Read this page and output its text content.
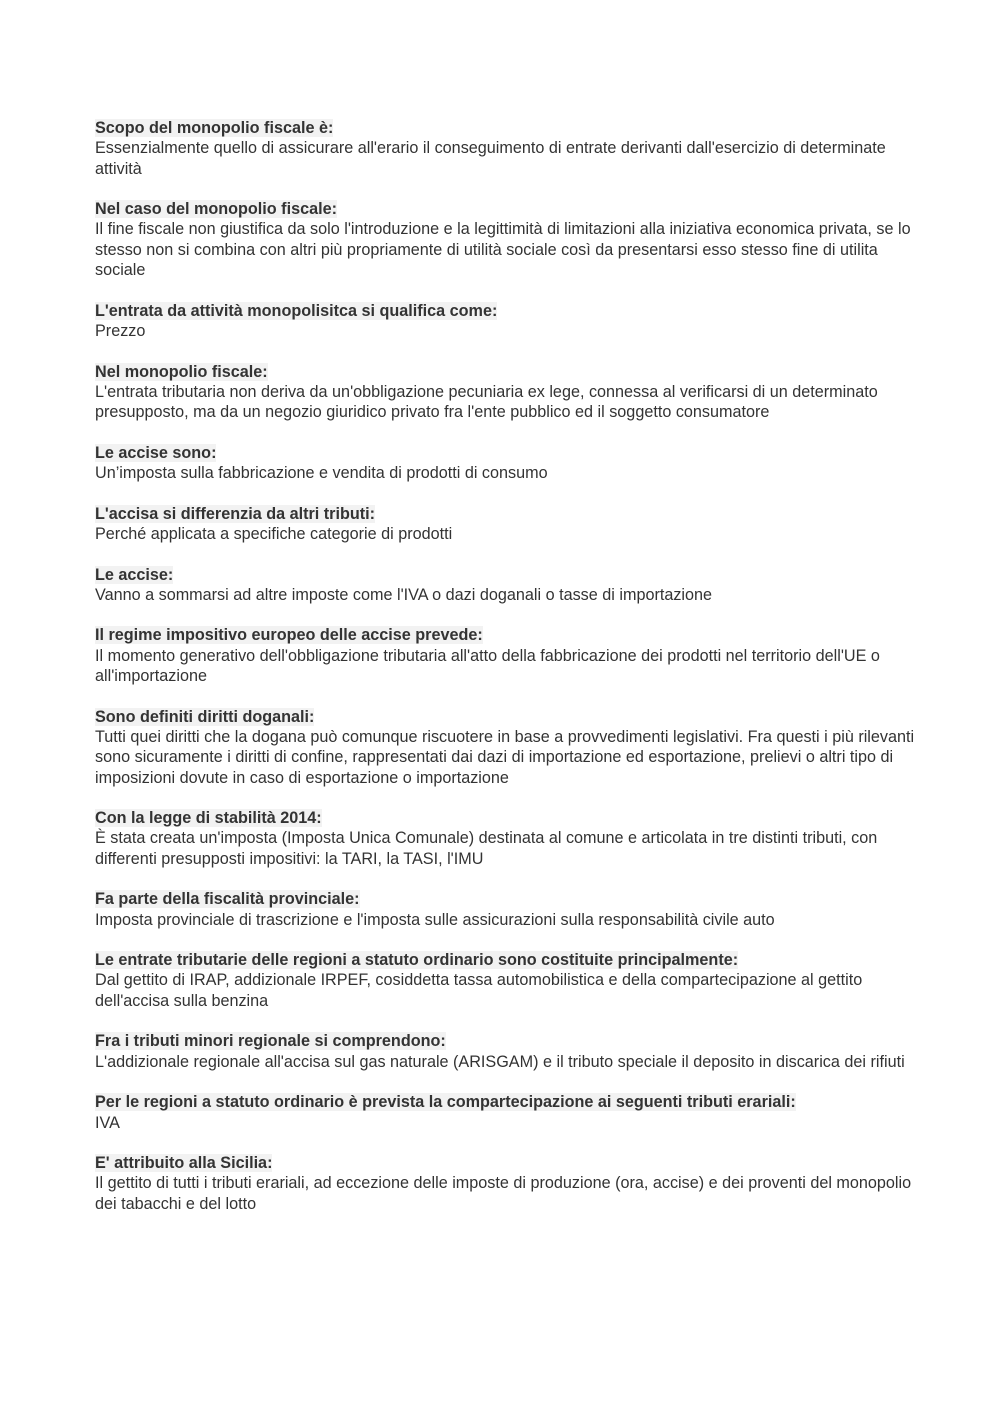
Scopo del monopolio fiscale è:
Essenzialmente quello di assicurare all'erario il conseguimento di entrate derivanti dall'esercizio di determinate attività
Nel caso del monopolio fiscale:
Il fine fiscale non giustifica da solo l'introduzione e la legittimità di limitazioni alla iniziativa economica privata, se lo stesso non si combina con altri più propriamente di utilità sociale così da presentarsi esso stesso fine di utilita sociale
L'entrata da attività monopolisitca si qualifica come:
Prezzo
Nel monopolio fiscale:
L'entrata tributaria non deriva da un'obbligazione pecuniaria ex lege, connessa al verificarsi di un determinato presupposto, ma da un negozio giuridico privato fra l'ente pubblico ed il soggetto consumatore
Le accise sono:
Un’imposta sulla fabbricazione e vendita di prodotti di consumo
L'accisa si differenzia da altri tributi:
Perché applicata a specifiche categorie di prodotti
Le accise:
Vanno a sommarsi ad altre imposte come l'IVA o dazi doganali o tasse di importazione
Il regime impositivo europeo delle accise prevede:
Il momento generativo dell'obbligazione tributaria all'atto della fabbricazione dei prodotti nel territorio dell'UE o all'importazione
Sono definiti diritti doganali:
Tutti quei diritti che la dogana può comunque riscuotere in base a provvedimenti legislativi. Fra questi i più rilevanti sono sicuramente i diritti di confine, rappresentati dai dazi di importazione ed esportazione, prelievi o altri tipo di imposizioni dovute in caso di esportazione o importazione
Con la legge di stabilità 2014:
È stata creata un'imposta (Imposta Unica Comunale) destinata al comune e articolata in tre distinti tributi, con differenti presupposti impositivi: la TARI, la TASI, l'IMU
Fa parte della fiscalità provinciale:
Imposta provinciale di trascrizione e l'imposta sulle assicurazioni sulla responsabilità civile auto
Le entrate tributarie delle regioni a statuto ordinario sono costituite principalmente:
Dal gettito di IRAP, addizionale IRPEF, cosiddetta tassa automobilistica e della compartecipazione al gettito dell'accisa sulla benzina
Fra i tributi minori regionale si comprendono:
L'addizionale regionale all'accisa sul gas naturale (ARISGAM) e il tributo speciale il deposito in discarica dei rifiuti
Per le regioni a statuto ordinario è prevista la compartecipazione ai seguenti tributi erariali:
IVA
E' attribuito alla Sicilia:
Il gettito di tutti i tributi erariali, ad eccezione delle imposte di produzione (ora, accise) e dei proventi del monopolio dei tabacchi e del lotto
